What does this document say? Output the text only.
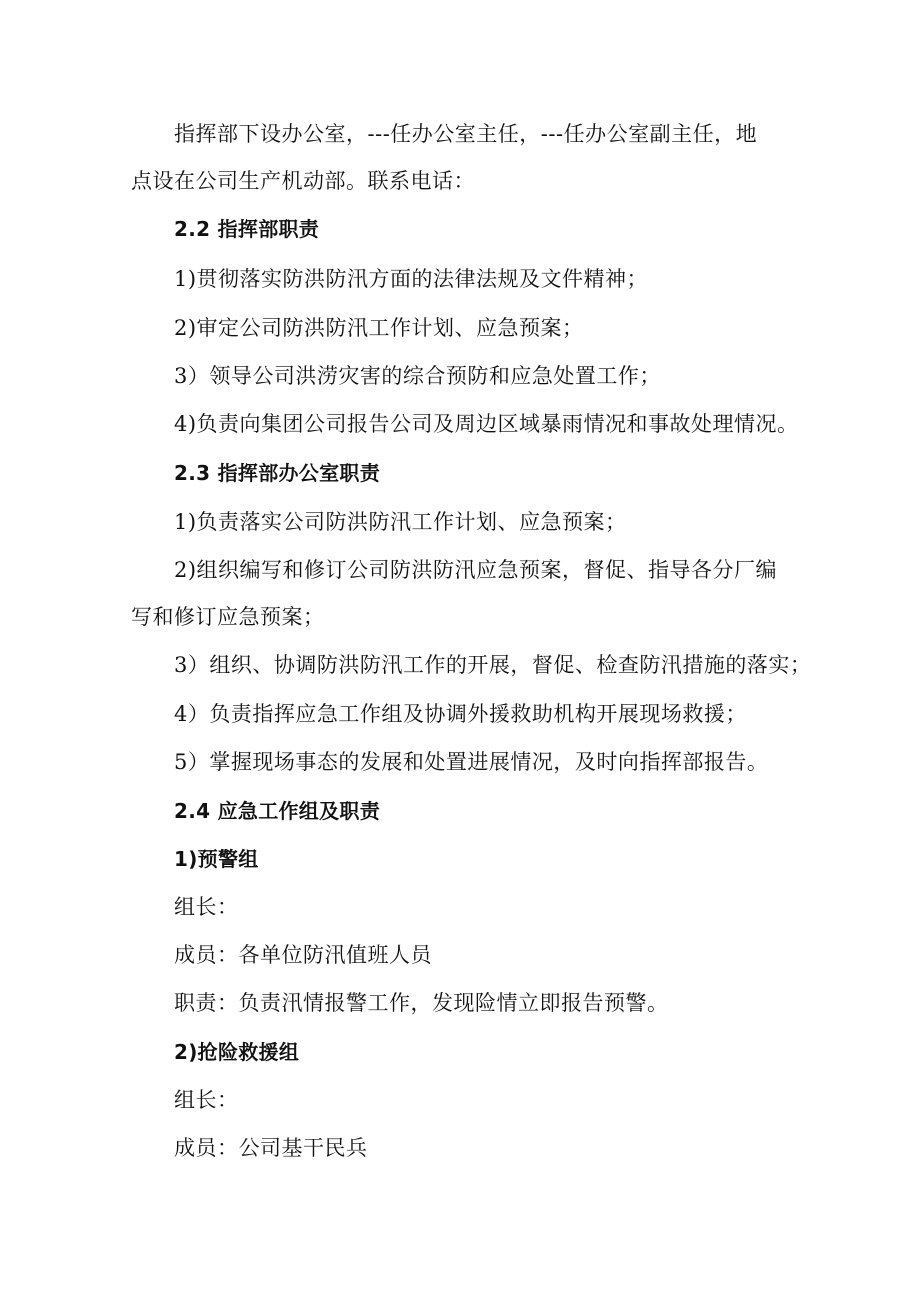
指挥部下设办公室，---任办公室主任，---任办公室副主任，地
点设在公司生产机动部。联系电话：
2.2 指挥部职责
1)贯彻落实防洪防汛方面的法律法规及文件精神；
2)审定公司防洪防汛工作计划、应急预案；
3）领导公司洪涝灾害的综合预防和应急处置工作；
4)负责向集团公司报告公司及周边区域暴雨情况和事故处理情况。
2.3 指挥部办公室职责
1)负责落实公司防洪防汛工作计划、应急预案；
2)组织编写和修订公司防洪防汛应急预案，督促、指导各分厂编
写和修订应急预案；
3）组织、协调防洪防汛工作的开展，督促、检查防汛措施的落实；
4）负责指挥应急工作组及协调外援救助机构开展现场救援；
5）掌握现场事态的发展和处置进展情况，及时向指挥部报告。
2.4 应急工作组及职责
1)预警组
组长：
成员：各单位防汛值班人员
职责：负责汛情报警工作，发现险情立即报告预警。
2)抢险救援组
组长：
成员：公司基干民兵
